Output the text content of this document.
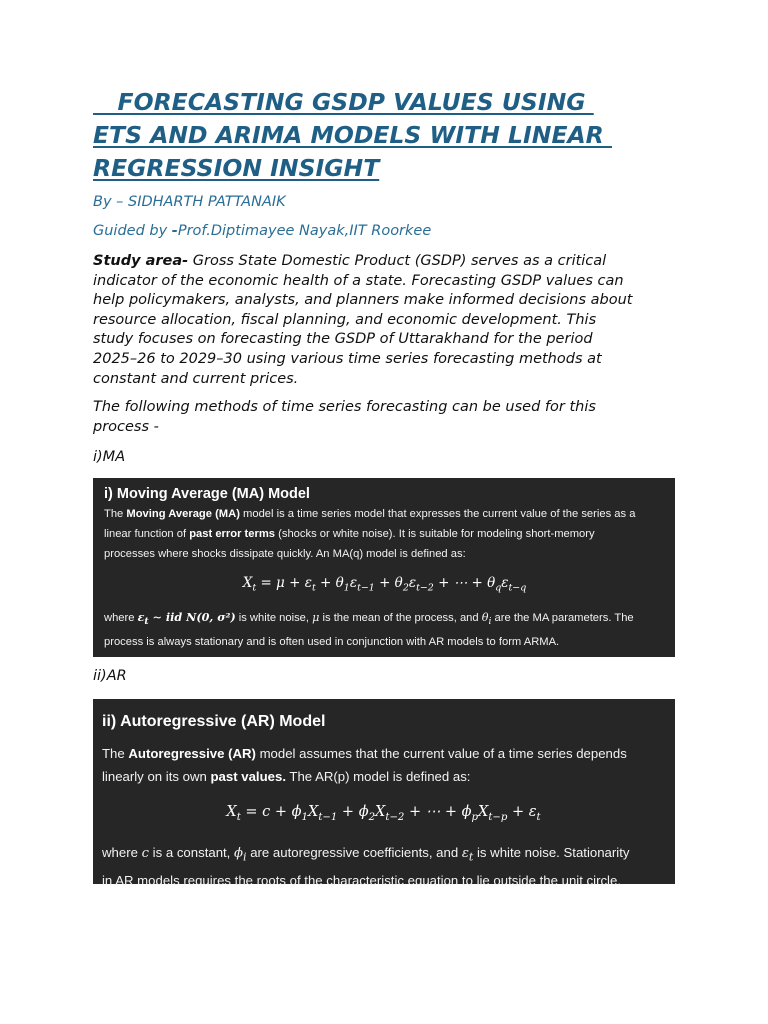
FORECASTING GSDP VALUES USING
ETS AND ARIMA MODELS WITH LINEAR
REGRESSION INSIGHT

By – SIDHARTH PATTANAIK

Guided by -Prof.Diptimayee Nayak,IIT Roorkee

Study area- Gross State Domestic Product (GSDP) serves as a critical
indicator of the economic health of a state. Forecasting GSDP values can
help policymakers, analysts, and planners make informed decisions about
resource allocation, fiscal planning, and economic development. This
study focuses on forecasting the GSDP of Uttarakhand for the period
2025–26 to 2029–30 using various time series forecasting methods at
constant and current prices.

The following methods of time series forecasting can be used for this
process -

i)MA

i) Moving Average (MA) Model

The Moving Average (MA) model is a time series model that expresses the current value of the series as a
linear function of past error terms (shocks or white noise). It is suitable for modeling short-memory
processes where shocks dissipate quickly. An MA(q) model is defined as:

$X_t = \mu + \varepsilon_t + \theta_1\varepsilon_{t-1} + \theta_2\varepsilon_{t-2}$ + ⋯ + $\theta_q\varepsilon_{t-q}$

where $\varepsilon_t$ ∼ iid N(0, σ²) is white noise, μ is the mean of the process, and $\theta_i$ are the MA parameters. The
process is always stationary and is often used in conjunction with AR models to form ARMA.

ii)AR

ii) Autoregressive (AR) Model

The Autoregressive (AR) model assumes that the current value of a time series depends
linearly on its own past values. The AR(p) model is defined as:

$X_t = c + \phi_1X_{t-1} + \phi_2X_{t-2}$ + ⋯ + $\phi_pX_{t-p} + \varepsilon_t$

where c is a constant, $\phi_i$ are autoregressive coefficients, and $\varepsilon_t$ is white noise. Stationarity
in AR models requires the roots of the characteristic equation to lie outside the unit circle.
